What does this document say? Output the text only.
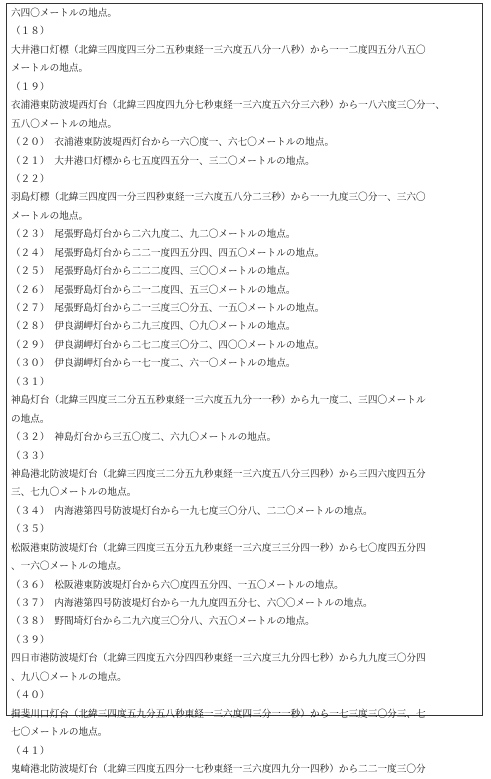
六四〇メートルの地点。
（１８）
大井港口灯標（北緯三四度四三分二五秒東経一三六度五八分一八秒）から一一二度四五分八五〇
メートルの地点。
（１９）
衣浦港東防波堤西灯台（北緯三四度四九分七秒東経一三六度五六分三六秒）から一八六度三〇分一、
五八〇メートルの地点。
（２０）　衣浦港東防波堤西灯台から一六〇度一、六七〇メートルの地点。
（２１）　大井港口灯標から七五度四五分一、三二〇メートルの地点。
（２２）
羽島灯標（北緯三四度四一分三四秒東経一三六度五八分二三秒）から一一九度三〇分一、三六〇
メートルの地点。
（２３）　尾張野島灯台から二六九度二、九二〇メートルの地点。
（２４）　尾張野島灯台から二二一度四五分四、四五〇メートルの地点。
（２５）　尾張野島灯台から二二二度四、三〇〇メートルの地点。
（２６）　尾張野島灯台から二一二度四、五三〇メートルの地点。
（２７）　尾張野島灯台から二一三度三〇分五、一五〇メートルの地点。
（２８）　伊良湖岬灯台から二九三度四、〇九〇メートルの地点。
（２９）　伊良湖岬灯台から二七二度三〇分二、四〇〇メートルの地点。
（３０）　伊良湖岬灯台から一七一度二、六一〇メートルの地点。
（３１）
神島灯台（北緯三四度三二分五五秒東経一三六度五九分一一秒）から九一度二、三四〇メートル
の地点。
（３２）　神島灯台から三五〇度二、六九〇メートルの地点。
（３３）
神島港北防波堤灯台（北緯三四度三二分五九秒東経一三六度五八分三四秒）から三四六度四五分
三、七九〇メートルの地点。
（３４）　内海港第四号防波堤灯台から一九七度三〇分八、二二〇メートルの地点。
（３５）
松阪港東防波堤灯台（北緯三四度三五分五九秒東経一三六度三三分四一秒）から七〇度四五分四
、一六〇メートルの地点。
（３６）　松阪港東防波堤灯台から六〇度四五分四、一五〇メートルの地点。
（３７）　内海港第四号防波堤灯台から一九九度四五分七、六〇〇メートルの地点。
（３８）　野間埼灯台から二九六度三〇分八、六五〇メートルの地点。
（３９）
四日市港防波堤灯台（北緯三四度五六分四四秒東経一三六度三九分四七秒）から九九度三〇分四
、九八〇メートルの地点。
（４０）
揖斐川口灯台（北緯三四度五九分五八秒東経一三六度四三分一一秒）から一七三度三〇分三、七
七〇メートルの地点。
（４１）
鬼崎港北防波堤灯台（北緯三四度五四分一七秒東経一三六度四九分一四秒）から二二一度三〇分
